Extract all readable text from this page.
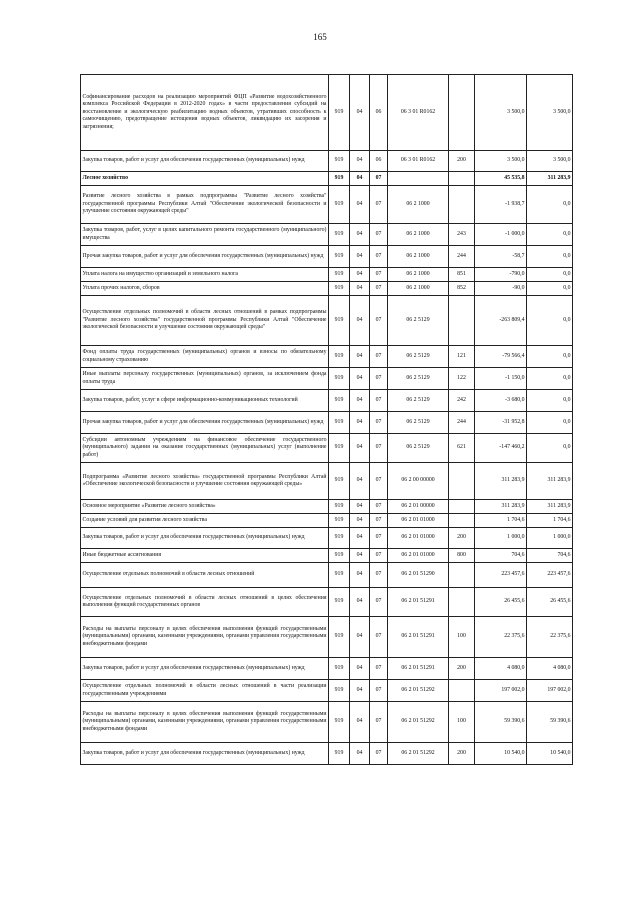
165
Софинансирование расходов на реализацию мероприятий ФЦП «Развитие водохозяйственного комплекса Российской Федерации в 2012-2020 годах» в части предоставления субсидий на восстановление и экологическую реабилитацию водных объектов, утративших способность к самоочищению, предотвращение истощения водных объектов, ликвидацию их засорения и загрязнения;	919	04	06	06 3 01 R0162		3 500,0	3 500,0
Закупка товаров, работ и услуг для обеспечения государственных (муниципальных) нужд	919	04	06	06 3 01 R0162	200	3 500,0	3 500,0
Лесное хозяйство	919	04	07			45 535,8	311 283,9
Развитие лесного хозяйства в рамках подпрограммы "Развитие лесного хозяйства" государственной программы Республики Алтай "Обеспечение экологической безопасности и улучшение состояния окружающей среды"	919	04	07	06 2 1000		-1 938,7	0,0
Закупка товаров, работ, услуг в целях капитального ремонта государственного (муниципального) имущества	919	04	07	06 2 1000	243	-1 000,0	0,0
Прочая закупка товаров, работ и услуг для обеспечения государственных (муниципальных) нужд	919	04	07	06 2 1000	244	-58,7	0,0
Уплата налога на имущество организаций и земельного налога	919	04	07	06 2 1000	851	-790,0	0,0
Уплата прочих налогов, сборов	919	04	07	06 2 1000	852	-90,0	0,0
Осуществление отдельных полномочий в области лесных отношений в рамках подпрограммы "Развитие лесного хозяйства" государственной программы Республики Алтай "Обеспечение экологической безопасности и улучшение состояния окружающей среды"	919	04	07	06 2 5129		-263 809,4	0,0
Фонд оплаты труда государственных (муниципальных) органов и взносы по обязательному социальному страхованию	919	04	07	06 2 5129	121	-79 566,4	0,0
Иные выплаты персоналу государственных (муниципальных) органов, за исключением фонда оплаты труда	919	04	07	06 2 5129	122	-1 150,0	0,0
Закупка товаров, работ, услуг в сфере информационно-коммуникационных технологий	919	04	07	06 2 5129	242	-3 680,0	0,0
Прочая закупка товаров, работ и услуг для обеспечения государственных (муниципальных) нужд	919	04	07	06 2 5129	244	-31 952,8	0,0
Субсидии автономным учреждениям на финансовое обеспечение государственного (муниципального) задания на оказание государственных (муниципальных) услуг (выполнение работ)	919	04	07	06 2 5129	621	-147 460,2	0,0
Подпрограмма «Развитие лесного хозяйства» государственной программы Республики Алтай «Обеспечение экологической безопасности и улучшение состояния окружающей среды»	919	04	07	06 2 00 00000		311 283,9	311 283,9
Основное мероприятие «Развитие лесного хозяйства»	919	04	07	06 2 01 00000		311 283,9	311 283,9
Создание условий для развития лесного хозяйства	919	04	07	06 2 01 01000		1 704,6	1 704,6
Закупка товаров, работ и услуг для обеспечения государственных (муниципальных) нужд	919	04	07	06 2 01 01000	200	1 000,0	1 000,0
Иные бюджетные ассигнования	919	04	07	06 2 01 01000	800	704,6	704,6
Осуществление отдельных полномочий в области лесных отношений	919	04	07	06 2 01 51290		223 457,6	223 457,6
Осуществление отдельных полномочий в области лесных отношений в целях обеспечения выполнения функций государственных органов	919	04	07	06 2 01 51291		26 455,6	26 455,6
Расходы на выплаты персоналу в целях обеспечения выполнения функций государственными (муниципальными) органами, казенными учреждениями, органами управления государственными внебюджетными фондами	919	04	07	06 2 01 51291	100	22 375,6	22 375,6
Закупка товаров, работ и услуг для обеспечения государственных (муниципальных) нужд	919	04	07	06 2 01 51291	200	4 080,0	4 080,0
Осуществление отдельных полномочий в области лесных отношений в части реализации государственными учреждениями	919	04	07	06 2 01 51292		197 002,0	197 002,0
Расходы на выплаты персоналу в целях обеспечения выполнения функций государственными (муниципальными) органами, казенными учреждениями, органами управления государственными внебюджетными фондами	919	04	07	06 2 01 51292	100	59 390,6	59 390,6
Закупка товаров, работ и услуг для обеспечения государственных (муниципальных) нужд	919	04	07	06 2 01 51292	200	10 540,0	10 540,0
